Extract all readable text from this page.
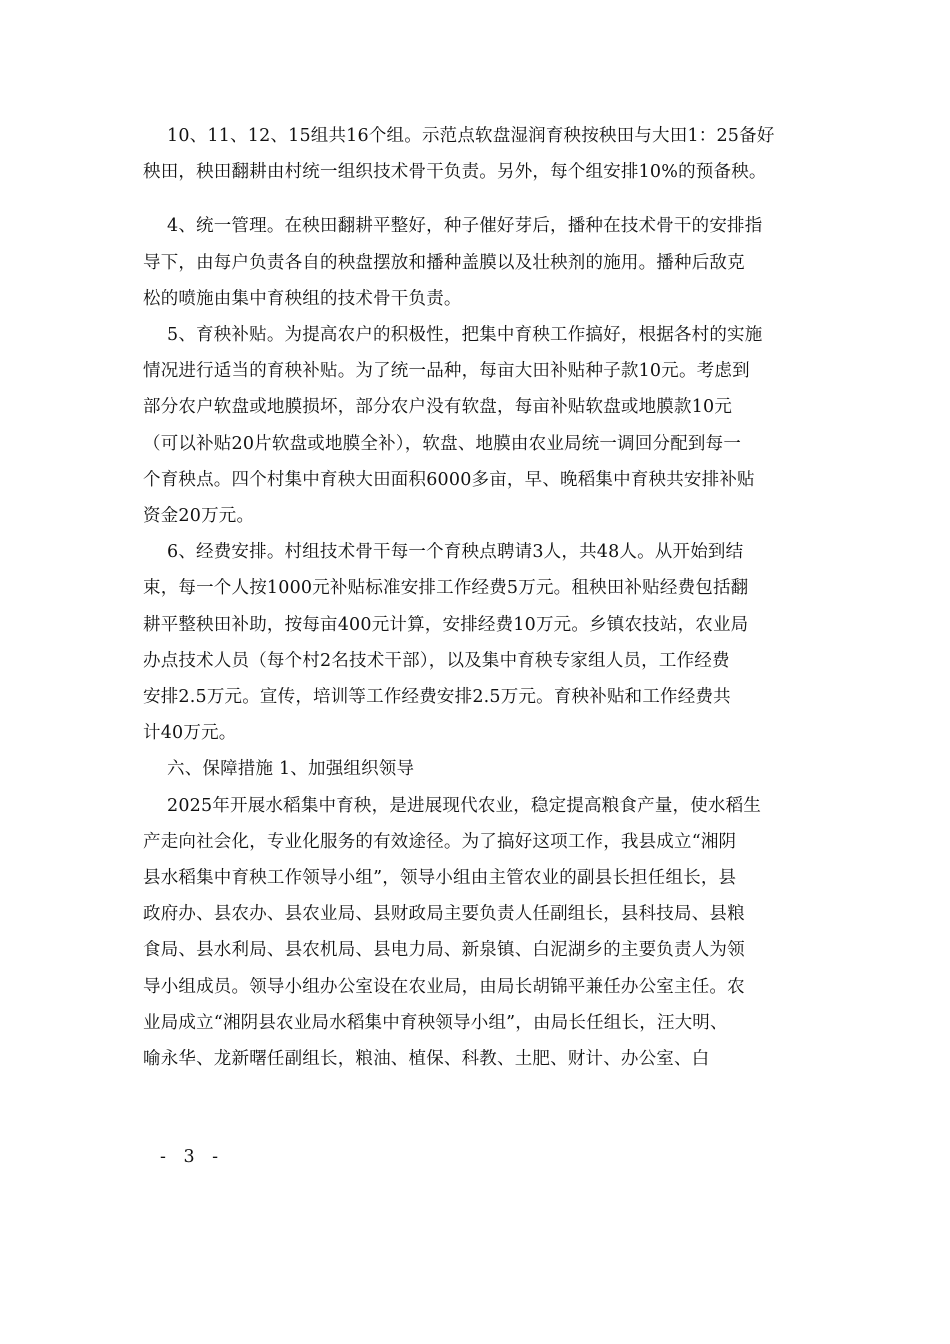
10、11、12、15组共16个组。示范点软盘湿润育秧按秧田与大田1：25备好
秧田，秧田翻耕由村统一组织技术骨干负责。另外，每个组安排10%的预备秧。

4、统一管理。在秧田翻耕平整好，种子催好芽后，播种在技术骨干的安排指
导下，由每户负责各自的秧盘摆放和播种盖膜以及壮秧剂的施用。播种后敌克
松的喷施由集中育秧组的技术骨干负责。

5、育秧补贴。为提高农户的积极性，把集中育秧工作搞好，根据各村的实施
情况进行适当的育秧补贴。为了统一品种，每亩大田补贴种子款10元。考虑到
部分农户软盘或地膜损坏，部分农户没有软盘，每亩补贴软盘或地膜款10元
（可以补贴20片软盘或地膜全补），软盘、地膜由农业局统一调回分配到每一
个育秧点。四个村集中育秧大田面积6000多亩，早、晚稻集中育秧共安排补贴
资金20万元。

6、经费安排。村组技术骨干每一个育秧点聘请3人，共48人。从开始到结
束，每一个人按1000元补贴标准安排工作经费5万元。租秧田补贴经费包括翻
耕平整秧田补助，按每亩400元计算，安排经费10万元。乡镇农技站，农业局
办点技术人员（每个村2名技术干部），以及集中育秧专家组人员，工作经费
安排2.5万元。宣传，培训等工作经费安排2.5万元。育秧补贴和工作经费共
计40万元。

六、保障措施 1、加强组织领导

2025年开展水稻集中育秧，是进展现代农业，稳定提高粮食产量，使水稻生
产走向社会化，专业化服务的有效途径。为了搞好这项工作，我县成立“湘阴
县水稻集中育秧工作领导小组”，领导小组由主管农业的副县长担任组长，县
政府办、县农办、县农业局、县财政局主要负责人任副组长，县科技局、县粮
食局、县水利局、县农机局、县电力局、新泉镇、白泥湖乡的主要负责人为领
导小组成员。领导小组办公室设在农业局，由局长胡锦平兼任办公室主任。农
业局成立“湘阴县农业局水稻集中育秧领导小组”，由局长任组长，汪大明、
喻永华、龙新曙任副组长，粮油、植保、科教、土肥、财计、办公室、白

- 3 -
